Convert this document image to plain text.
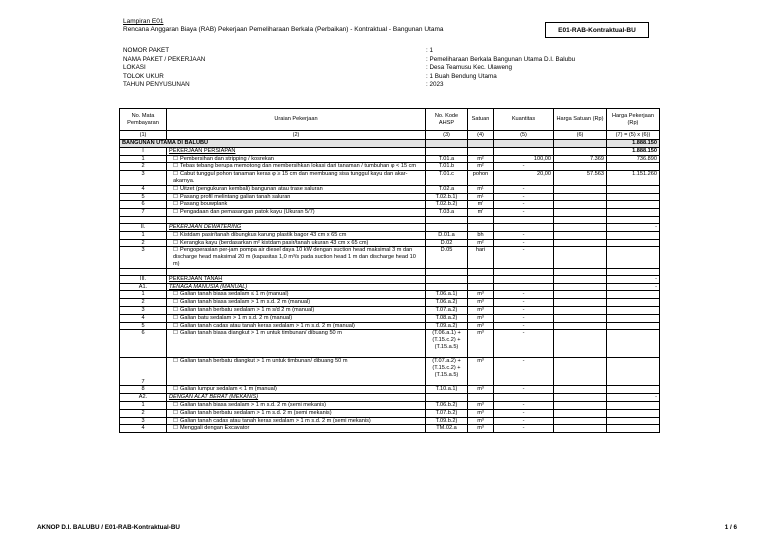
Lampiran E01
Rencana Anggaran Biaya (RAB) Pekerjaan Pemeliharaan Berkala (Perbaikan) - Kontraktual - Bangunan Utama	E01-RAB-Kontraktual-BU
NOMOR PAKET	: 1
NAMA PAKET / PEKERJAAN	: Pemeliharaan Berkala Bangunan Utama D.I. Balubu
LOKASI	: Desa Teamusu Kec. Ulaweng
TOLOK UKUR	: 1 Buah Bendung Utama
TAHUN PENYUSUNAN	: 2023
No. Mata Pembayaran	Uraian Pekerjaan	No. Kode AHSP	Satuan	Kuantitas	Harga Satuan (Rp)	Harga Pekerjaan (Rp)
(1)	(2)	(3)	(4)	(5)	(6)	(7) = (5) x (6))
BANGUNAN UTAMA DI BALUBU						1.888.150
I	PEKERJAAN PERSIAPAN					1.888.150
1	☐ Pembersihan dan stripping / kosrekan	T.01.a	m²	100,00	7.369	736.890
2	☐ Tebas tebang berupa memotong dan membersihkan lokasi dari tanaman / tumbuhan φ < 15 cm	T.01.b	m²	-		
3	☐ Cabut tunggul pohon tanaman keras φ ≥ 15 cm dan membuang sisa tunggul kayu dan akar-akarnya.	T.01.c	pohon	20,00	57.563	1.151.260
4	☐ Uitzet (pengukuran kembali) bangunan atau trase saluran	T.02.a	m¹	-		
5	☐ Pasang profil melintang galian tanah saluran	T.02.b.1)	m¹	-		
6	☐ Pasang bouwplank	T.02.b.2)	m'	-		
7	☐ Pengadaan dan pemasangan patok kayu (Ukuran 5/7)	T.03.a	m'	-		

II.	PEKERJAAN DEWATERING					-
1	☐ Kistdam pasir/tanah dibungkus karung plastik bagor 43 cm x 65 cm	D.01.a	bh	-		
2	☐ Kerangka kayu (berdasarkan m² kistdam pasir/tanah ukuran 43 cm x 65 cm)	D.02	m²	-		
3	☐ Pengoperasian per-jam pompa air diesel daya 10 kW dengan suction head maksimal 3 m dan discharge head maksimal 20 m (kapasitas 1,0 m³/s pada suction head 1 m dan discharge head 10 m)	D.05	hari	-		

III.	PEKERJAAN TANAH					-
A1.	TENAGA MANUSIA (MANUAL)					-
1	☐ Galian tanah biasa sedalam ≤ 1 m (manual)	T.06.a.1)	m³	-		
2	☐ Galian tanah biasa sedalam > 1 m s.d. 2 m (manual)	T.06.a.2)	m³	-		
3	☐ Galian tanah berbatu sedalam > 1 m s/d 2 m (manual)	T.07.a.2)	m³	-		
4	☐ Galian batu sedalam > 1 m s.d. 2 m (manual)	T.08.a.2)	m³	-		
5	☐ Galian tanah cadas atau tanah keras sedalam > 1 m s.d. 2 m (manual)	T.09.a.2)	m³	-		
6	☐ Galian tanah biasa diangkut > 1 m untuk timbunan/ dibuang 50 m	(T.06.a.1) + (T.15.c.2) + (T.15.a.5)	m³	-		
7	☐ Galian tanah berbatu diangkut > 1 m untuk timbunan/ dibuang 50 m	(T.07.a.2) + (T.15.c.2) + (T.15.a.5)	m³	-		
8	☐ Galian lumpur sedalam < 1 m (manual)	T.10.a.1)	m³	-		
A2.	DENGAN ALAT BERAT (MEKANIS)					-
1	☐ Galian tanah biasa sedalam > 1 m s.d. 2 m (semi mekanis)	T.06.b.2)	m³	-		
2	☐ Galian tanah berbatu sedalam > 1 m s.d. 2 m (semi mekanis)	T.07.b.2)	m³	-		
3	☐ Galian tanah cadas atau tanah keras sedalam > 1 m s.d. 2 m (semi mekanis)	T.09.b.2)	m³	-		
4	☐ Menggali dengan Excavator	TM.02.a	m³	-		
AKNOP D.I. BALUBU / E01-RAB-Kontraktual-BU	1 / 6
